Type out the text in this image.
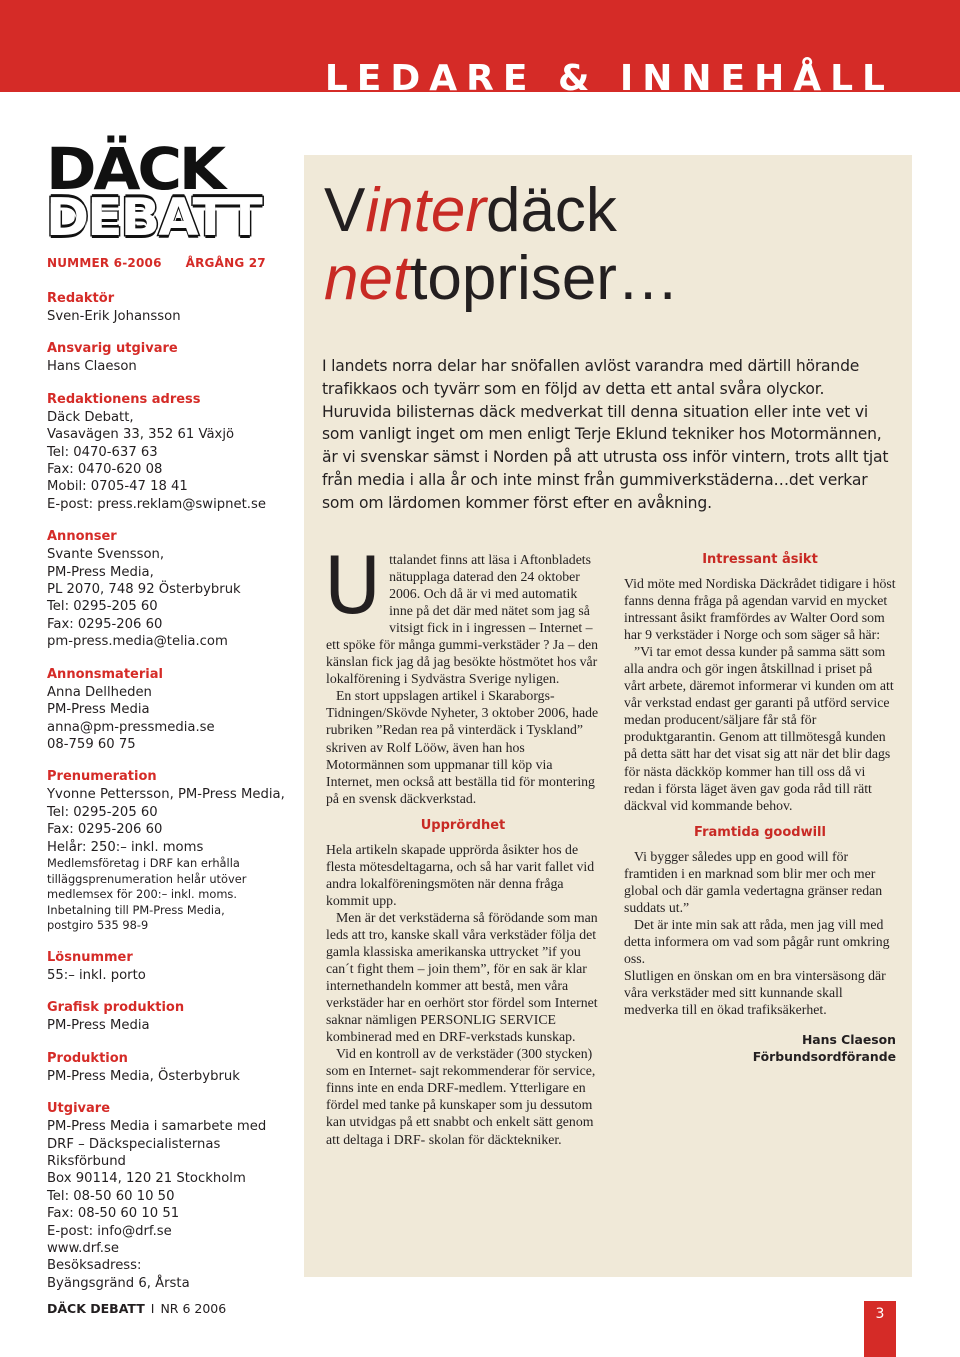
LEDARE & INNEHÅLL
DÄCK
DEBATT
NUMMER 6-2006 ÅRGÅNG 27
Redaktör
Sven-Erik Johansson
Ansvarig utgivare
Hans Claeson
Redaktionens adress
Däck Debatt,
Vasavägen 33, 352 61 Växjö
Tel: 0470-637 63
Fax: 0470-620 08
Mobil: 0705-47 18 41
E-post: press.reklam@swipnet.se
Annonser
Svante Svensson,
PM-Press Media,
PL 2070, 748 92 Österbybruk
Tel: 0295-205 60
Fax: 0295-206 60
pm-press.media@telia.com
Annonsmaterial
Anna Dellheden
PM-Press Media
anna@pm-pressmedia.se
08-759 60 75
Prenumeration
Yvonne Pettersson, PM-Press Media,
Tel: 0295-205 60
Fax: 0295-206 60
Helår: 250:– inkl. moms
Medlemsföretag i DRF kan erhålla
tilläggsprenumeration helår utöver
medlemsex för 200:– inkl. moms.
Inbetalning till PM-Press Media,
postgiro 535 98-9
Lösnummer
55:– inkl. porto
Grafisk produktion
PM-Press Media
Produktion
PM-Press Media, Österbybruk
Utgivare
PM-Press Media i samarbete med
DRF – Däckspecialisternas
Riksförbund
Box 90114, 120 21 Stockholm
Tel: 08-50 60 10 50
Fax: 08-50 60 10 51
E-post: info@drf.se
www.drf.se
Besöksadress:
Byängsgränd 6, Årsta
Vinterdäck
nettopriser…

I landets norra delar har snöfallen avlöst varandra med därtill hörande trafikkaos och tyvärr som en följd av detta ett antal svåra olyckor. Huruvida bilisternas däck medverkat till denna situation eller inte vet vi som vanligt inget om men enligt Terje Eklund tekniker hos Motormännen, är vi svenskar sämst i Norden på att utrusta oss inför vintern, trots allt tjat från media i alla år och inte minst från gummiverkstäderna…det verkar som om lärdomen kommer först efter en avåkning.

Uttalandet finns att läsa i Aftonbladets nätupplaga daterad den 24 oktober 2006. Och då är vi med automatik inne på det där med nätet som jag så vitsigt fick in i ingressen – Internet – ett spöke för många gummi-verkstäder ? Ja – den känslan fick jag då jag besökte höstmötet hos vår lokalförening i Sydvästra Sverige nyligen.

En stort uppslagen artikel i Skaraborgs-Tidningen/Skövde Nyheter, 3 oktober 2006, hade rubriken ”Redan rea på vinterdäck i Tyskland” skriven av Rolf Lööw, även han hos Motormännen som uppmanar till köp via Internet, men också att beställa tid för montering på en svensk däckverkstad.

Upprördhet

Hela artikeln skapade upprörda åsikter hos de flesta mötesdeltagarna, och så har varit fallet vid andra lokalföreningsmöten när denna fråga kommit upp.

Men är det verkstäderna så förödande som man leds att tro, kanske skall våra verkstäder följa det gamla klassiska amerikanska uttrycket ”if you can´t fight them – join them”, för en sak är klar internethandeln kommer att bestå, men våra verkstäder har en oerhört stor fördel som Internet saknar nämligen PERSONLIG SERVICE kombinerad med en DRF-verkstads kunskap.

Vid en kontroll av de verkstäder (300 stycken) som en Internet- sajt rekommenderar för service, finns inte en enda DRF-medlem. Ytterligare en fördel med tanke på kunskaper som ju dessutom kan utvidgas på ett snabbt och enkelt sätt genom att deltaga i DRF- skolan för däcktekniker.

Intressant åsikt

Vid möte med Nordiska Däckrådet tidigare i höst fanns denna fråga på agendan varvid en mycket intressant åsikt framfördes av Walter Oord som har 9 verkstäder i Norge och som säger så här:

”Vi tar emot dessa kunder på samma sätt som alla andra och gör ingen åtskillnad i priset på vårt arbete, däremot informerar vi kunden om att vår verkstad endast ger garanti på utförd service medan producent/säljare får stå för produktgarantin. Genom att tillmötesgå kunden på detta sätt har det visat sig att när det blir dags för nästa däckköp kommer han till oss då vi redan i första läget även gav goda råd till rätt däckval vid kommande behov.

Framtida goodwill

Vi bygger således upp en good will för framtiden i en marknad som blir mer och mer global och där gamla vedertagna gränser redan suddats ut.”

Det är inte min sak att råda, men jag vill med detta informera om vad som pågår runt omkring oss.

Slutligen en önskan om en bra vintersäsong där våra verkstäder med sitt kunnande skall medverka till en ökad trafiksäkerhet.

Hans Claeson
Förbundsordförande
DÄCK DEBATT I NR 6 2006	3
